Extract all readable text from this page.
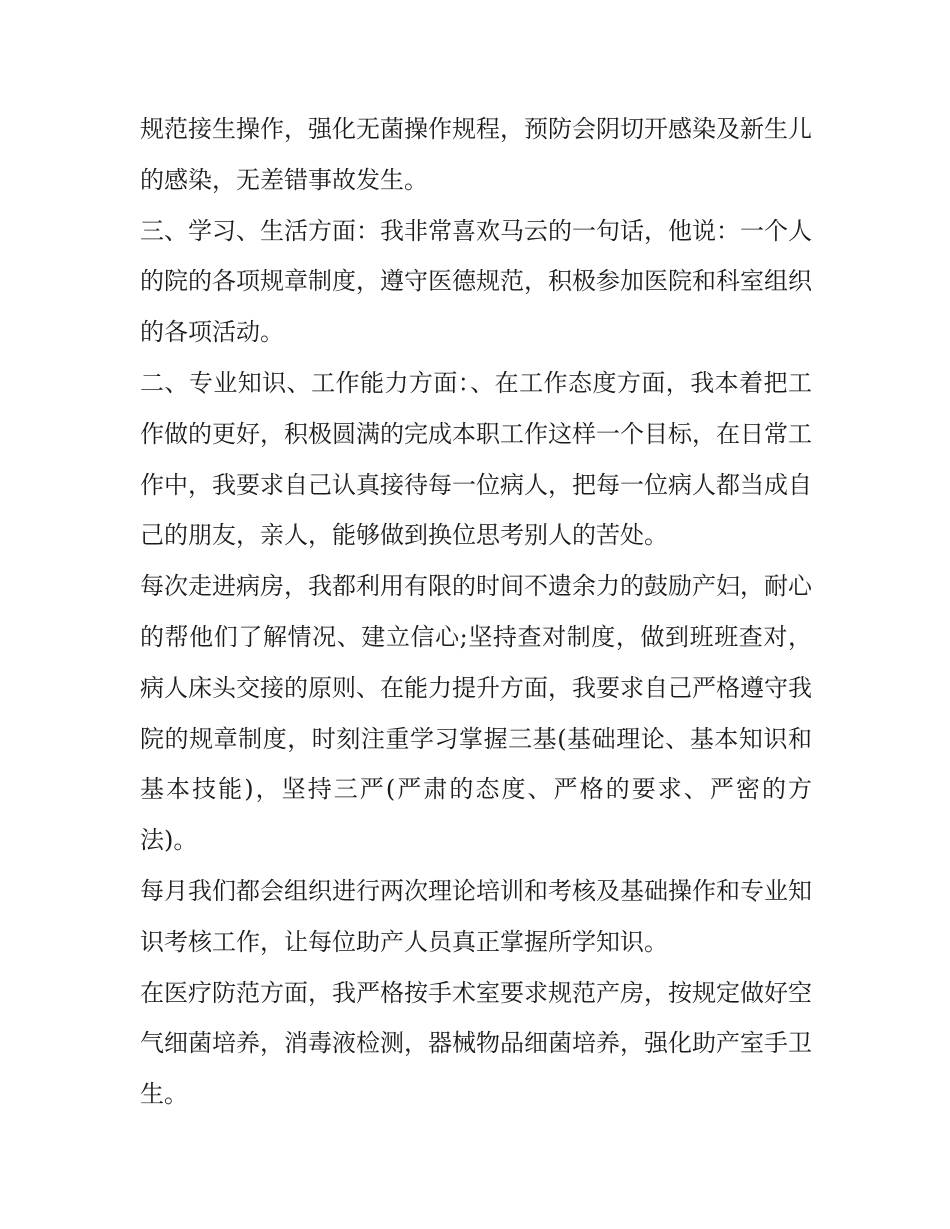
规范接生操作，强化无菌操作规程，预防会阴切开感染及新生儿的感染，无差错事故发生。

三、学习、生活方面：我非常喜欢马云的一句话，他说：一个人的院的各项规章制度，遵守医德规范，积极参加医院和科室组织的各项活动。

二、专业知识、工作能力方面：、在工作态度方面，我本着把工作做的更好，积极圆满的完成本职工作这样一个目标，在日常工作中，我要求自己认真接待每一位病人，把每一位病人都当成自己的朋友，亲人，能够做到换位思考别人的苦处。

每次走进病房，我都利用有限的时间不遗余力的鼓励产妇，耐心的帮他们了解情况、建立信心;坚持查对制度，做到班班查对，病人床头交接的原则、在能力提升方面，我要求自己严格遵守我院的规章制度，时刻注重学习掌握三基(基础理论、基本知识和基本技能)，坚持三严(严肃的态度、严格的要求、严密的方法)。

每月我们都会组织进行两次理论培训和考核及基础操作和专业知识考核工作，让每位助产人员真正掌握所学知识。

在医疗防范方面，我严格按手术室要求规范产房，按规定做好空气细菌培养，消毒液检测，器械物品细菌培养，强化助产室手卫生。
